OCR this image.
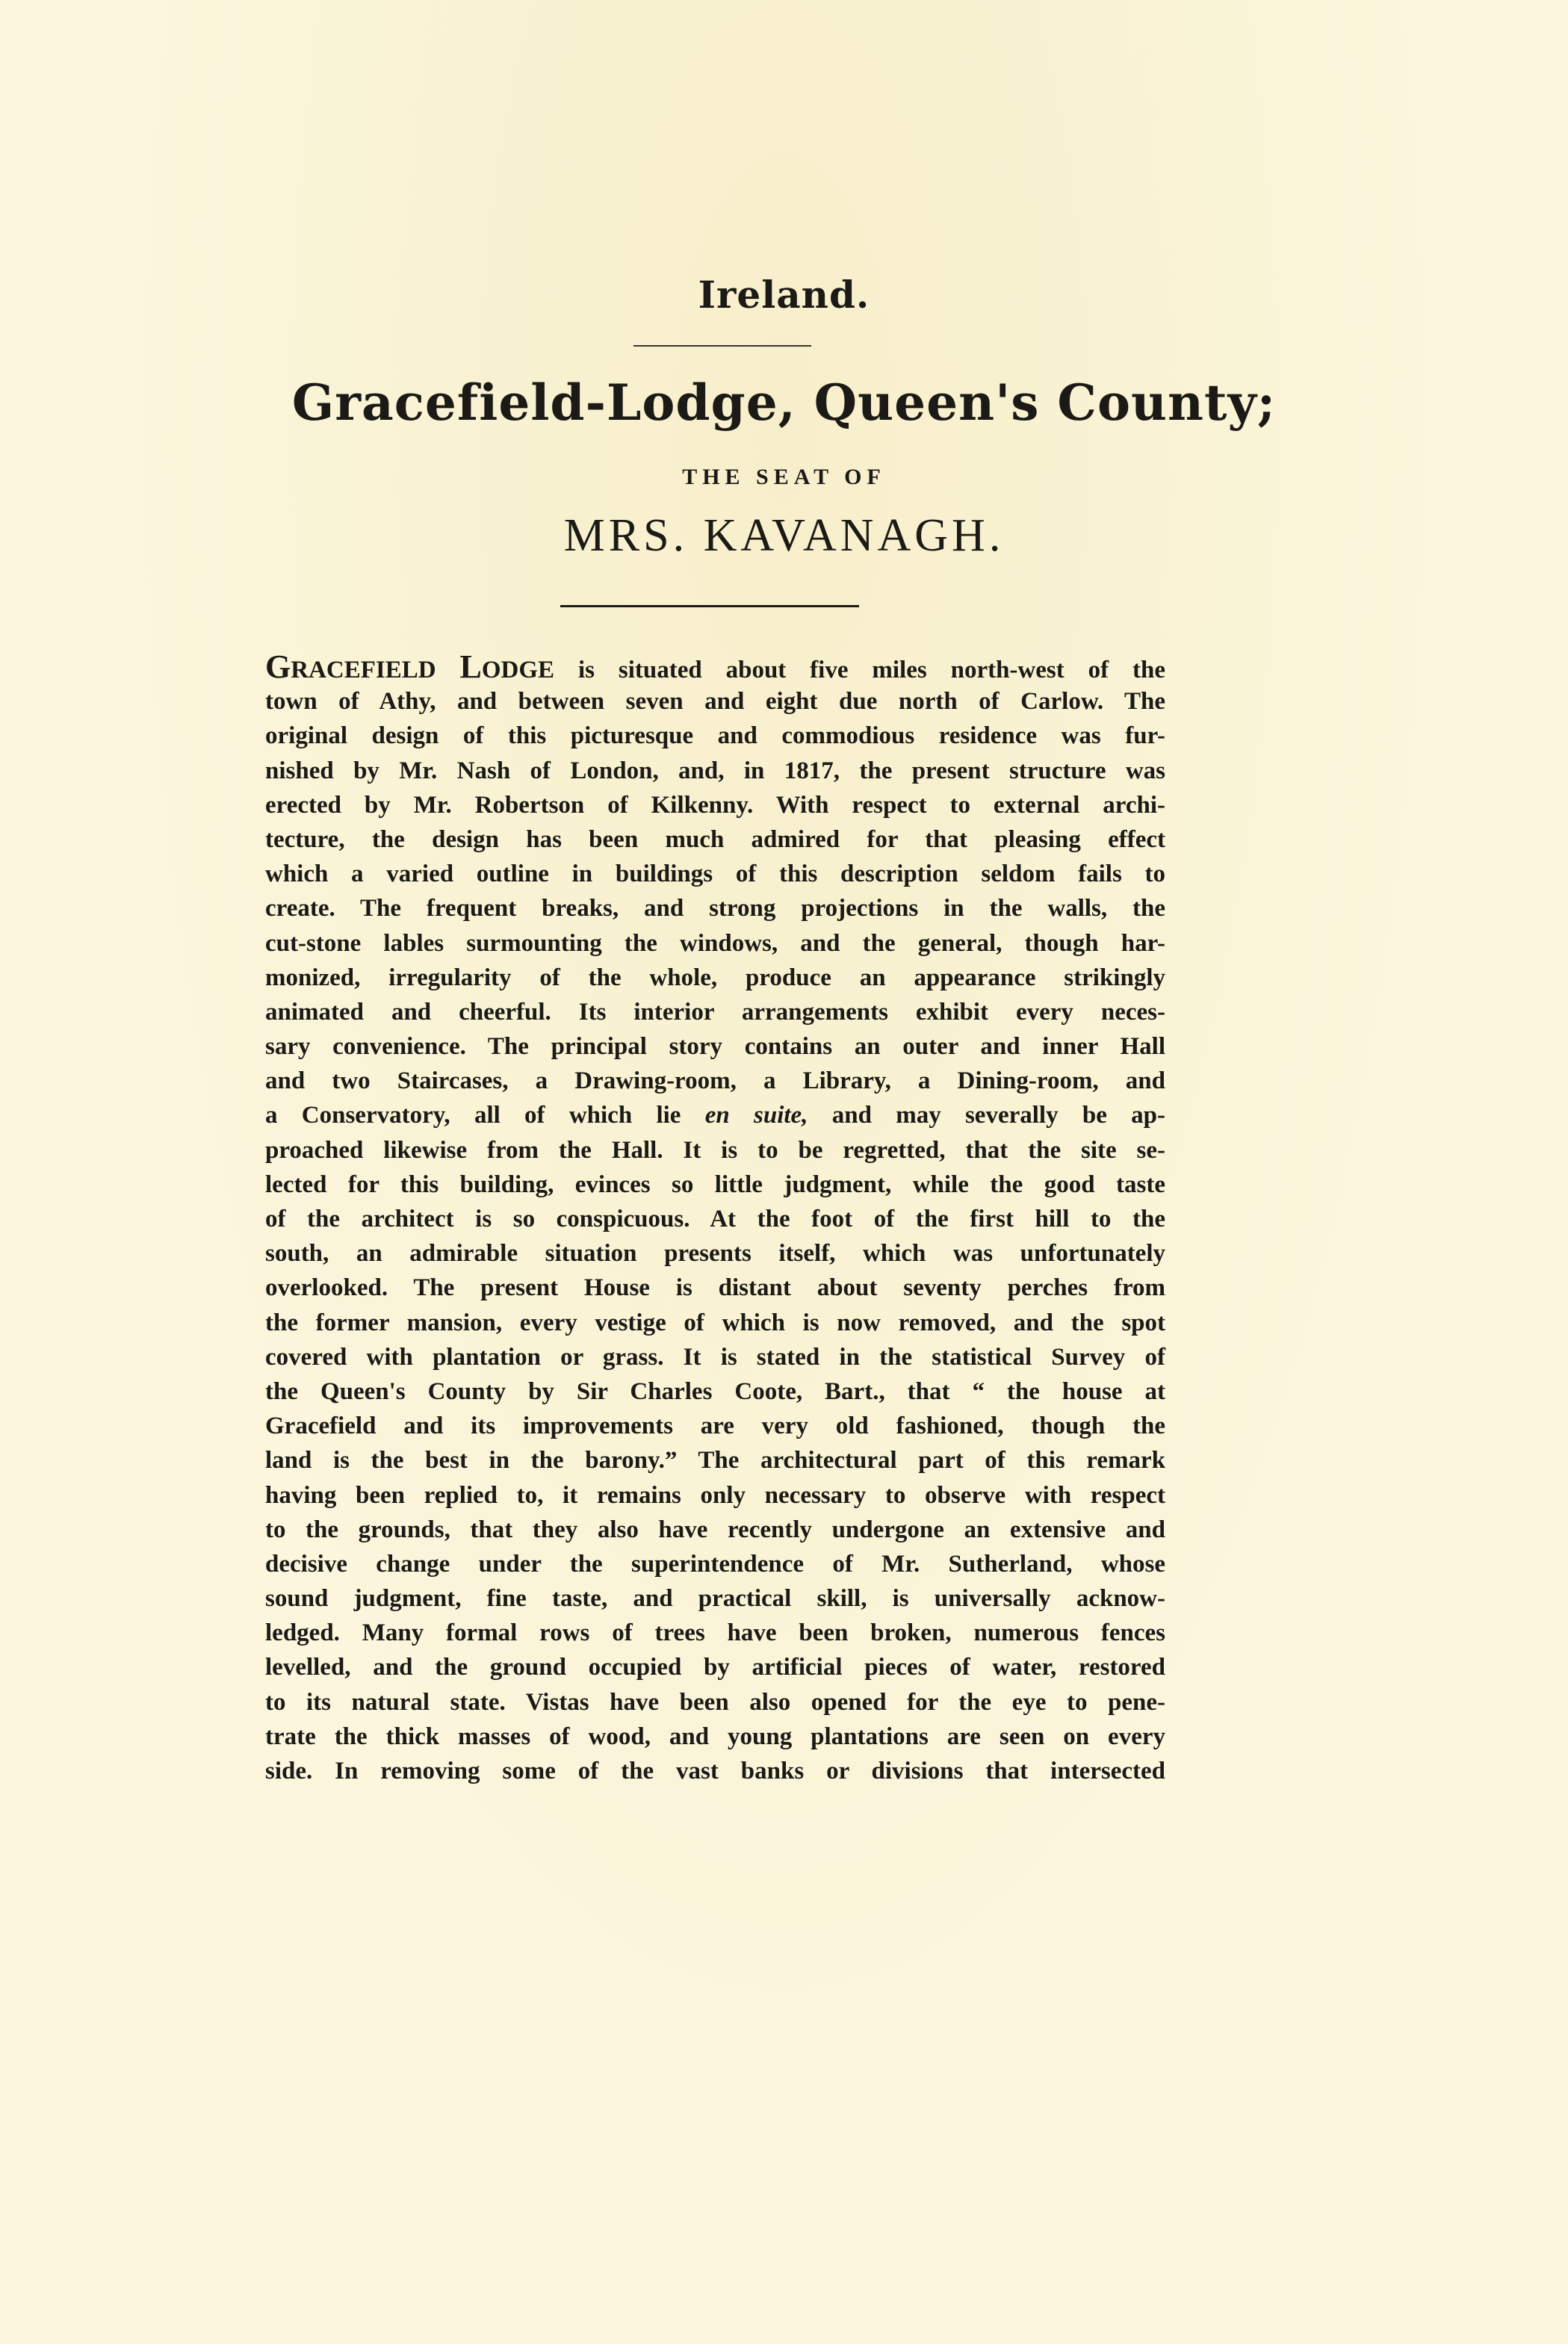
Ireland.
Gracefield-Lodge, Queen's County;
THE SEAT OF
MRS. KAVANAGH.
GRACEFIELD LODGE is situated about five miles north-west of the
town of Athy, and between seven and eight due north of Carlow. The
original design of this picturesque and commodious residence was fur-
nished by Mr. Nash of London, and, in 1817, the present structure was
erected by Mr. Robertson of Kilkenny. With respect to external archi-
tecture, the design has been much admired for that pleasing effect
which a varied outline in buildings of this description seldom fails to
create. The frequent breaks, and strong projections in the walls, the
cut-stone lables surmounting the windows, and the general, though har-
monized, irregularity of the whole, produce an appearance strikingly
animated and cheerful. Its interior arrangements exhibit every neces-
sary convenience. The principal story contains an outer and inner Hall
and two Staircases, a Drawing-room, a Library, a Dining-room, and
a Conservatory, all of which lie en suite, and may severally be ap-
proached likewise from the Hall. It is to be regretted, that the site se-
lected for this building, evinces so little judgment, while the good taste
of the architect is so conspicuous. At the foot of the first hill to the
south, an admirable situation presents itself, which was unfortunately
overlooked. The present House is distant about seventy perches from
the former mansion, every vestige of which is now removed, and the spot
covered with plantation or grass. It is stated in the statistical Survey of
the Queen's County by Sir Charles Coote, Bart., that “ the house at
Gracefield and its improvements are very old fashioned, though the
land is the best in the barony.” The architectural part of this remark
having been replied to, it remains only necessary to observe with respect
to the grounds, that they also have recently undergone an extensive and
decisive change under the superintendence of Mr. Sutherland, whose
sound judgment, fine taste, and practical skill, is universally acknow-
ledged. Many formal rows of trees have been broken, numerous fences
levelled, and the ground occupied by artificial pieces of water, restored
to its natural state. Vistas have been also opened for the eye to pene-
trate the thick masses of wood, and young plantations are seen on every
side. In removing some of the vast banks or divisions that intersected
